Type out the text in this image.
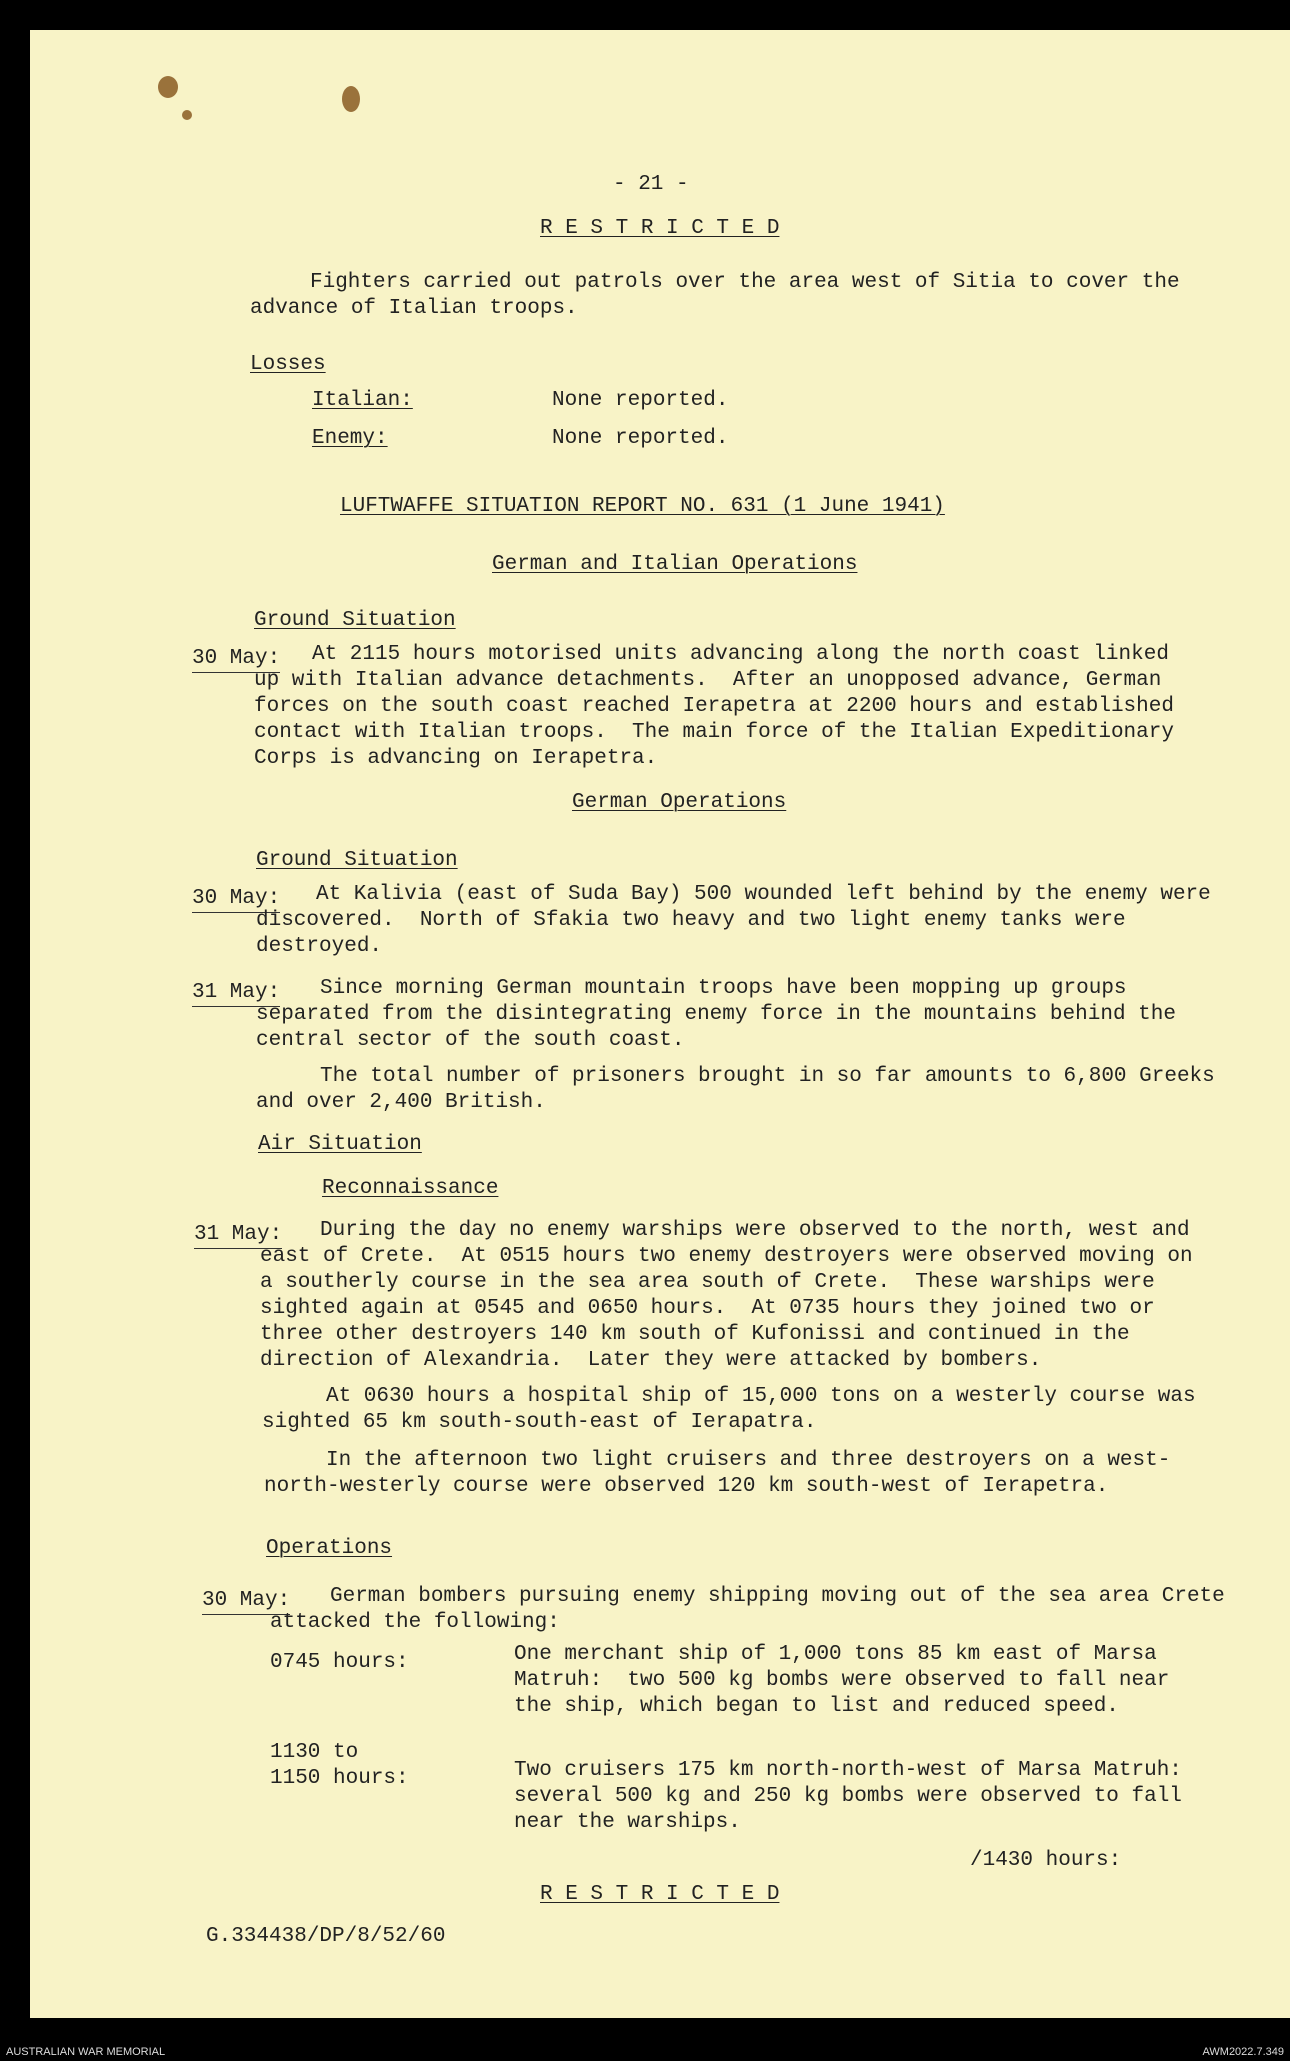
- 21 -
R E S T R I C T E D
Fighters carried out patrols over the area west of Sitia to cover the
advance of Italian troops.
Losses
Italian:	None reported.
Enemy:	None reported.
LUFTWAFFE SITUATION REPORT NO. 631 (1 June 1941)
German and Italian Operations
Ground Situation
30 May: At 2115 hours motorised units advancing along the north coast linked
up with Italian advance detachments.  After an unopposed advance, German
forces on the south coast reached Ierapetra at 2200 hours and established
contact with Italian troops.  The main force of the Italian Expeditionary
Corps is advancing on Ierapetra.
German Operations
Ground Situation
30 May: At Kalivia (east of Suda Bay) 500 wounded left behind by the enemy were
discovered.  North of Sfakia two heavy and two light enemy tanks were
destroyed.
31 May: Since morning German mountain troops have been mopping up groups
separated from the disintegrating enemy force in the mountains behind the
central sector of the south coast.
The total number of prisoners brought in so far amounts to 6,800 Greeks
and over 2,400 British.
Air Situation
Reconnaissance
31 May: During the day no enemy warships were observed to the north, west and
east of Crete.  At 0515 hours two enemy destroyers were observed moving on
a southerly course in the sea area south of Crete.  These warships were
sighted again at 0545 and 0650 hours.  At 0735 hours they joined two or
three other destroyers 140 km south of Kufonissi and continued in the
direction of Alexandria.  Later they were attacked by bombers.
At 0630 hours a hospital ship of 15,000 tons on a westerly course was
sighted 65 km south-south-east of Ierapatra.
In the afternoon two light cruisers and three destroyers on a west-
north-westerly course were observed 120 km south-west of Ierapetra.
Operations
30 May: German bombers pursuing enemy shipping moving out of the sea area Crete
attacked the following:
0745 hours:	One merchant ship of 1,000 tons 85 km east of Marsa
Matruh:  two 500 kg bombs were observed to fall near
the ship, which began to list and reduced speed.
1130 to
1150 hours:	Two cruisers 175 km north-north-west of Marsa Matruh:
several 500 kg and 250 kg bombs were observed to fall
near the warships.
/1430 hours:
R E S T R I C T E D
G.334438/DP/8/52/60
AUSTRALIAN WAR MEMORIAL	AWM2022.7.349
